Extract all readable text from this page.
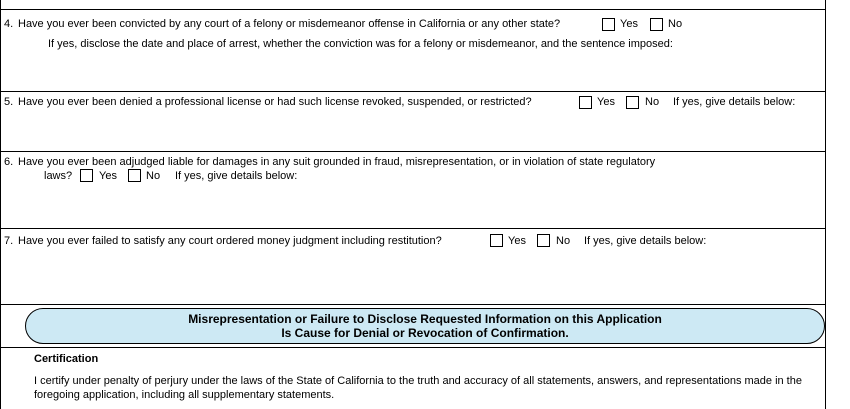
4. Have you ever been convicted by any court of a felony or misdemeanor offense in California or any other state?	Yes	No
If yes, disclose the date and place of arrest, whether the conviction was for a felony or misdemeanor, and the sentence imposed:
5. Have you ever been denied a professional license or had such license revoked, suspended, or restricted?	Yes	No If yes, give details below:
6. Have you ever been adjudged liable for damages in any suit grounded in fraud, misrepresentation, or in violation of state regulatory
laws? Yes	No If yes, give details below:
7. Have you ever failed to satisfy any court ordered money judgment including restitution?	Yes	No If yes, give details below:
Misrepresentation or Failure to Disclose Requested Information on this Application
Is Cause for Denial or Revocation of Confirmation.
Certification
I certify under penalty of perjury under the laws of the State of California to the truth and accuracy of all statements, answers, and representations made in the
foregoing application, including all supplementary statements.
